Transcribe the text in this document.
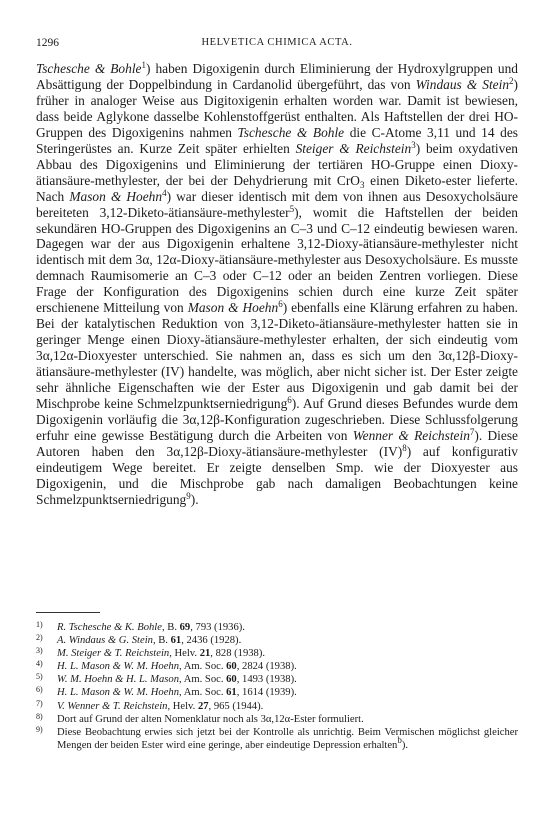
1296	HELVETICA CHIMICA ACTA.

Tschesche & Bohle$^1$) haben Digoxigenin durch Eliminierung der Hydroxylgruppen und Absättigung der Doppelbindung in Cardanolid übergeführt, das von Windaus & Stein$^2$) früher in analoger Weise aus Digitoxigenin erhalten worden war. Damit ist bewiesen, dass beide Aglykone dasselbe Kohlenstoffgerüst enthalten. Als Haftstellen der drei HO-Gruppen des Digoxigenins nahmen Tschesche & Bohle die C-Atome 3,11 und 14 des Steringerüstes an. Kurze Zeit später erhielten Steiger & Reichstein$^3$) beim oxydativen Abbau des Digoxigenins und Eliminierung der tertiären HO-Gruppe einen Dioxy-ätiansäure-methylester, der bei der Dehydrierung mit CrO$_3$ einen Diketo-ester lieferte. Nach Mason & Hoehn$^4$) war dieser identisch mit dem von ihnen aus Desoxycholsäure bereiteten 3,12-Diketo-ätiansäure-methylester$^5$), womit die Haftstellen der beiden sekundären HO-Gruppen des Digoxigenins an C–3 und C–12 eindeutig bewiesen waren. Dagegen war der aus Digoxigenin erhaltene 3,12-Dioxy-ätiansäure-methylester nicht identisch mit dem 3α, 12α-Dioxy-ätiansäure-methylester aus Desoxycholsäure. Es musste demnach Raumisomerie an C–3 oder C–12 oder an beiden Zentren vorliegen. Diese Frage der Konfiguration des Digoxigenins schien durch eine kurze Zeit später erschienene Mitteilung von Mason & Hoehn$^6$) ebenfalls eine Klärung erfahren zu haben. Bei der katalytischen Reduktion von 3,12-Diketo-ätiansäure-methylester hatten sie in geringer Menge einen Dioxy-ätiansäure-methylester erhalten, der sich eindeutig vom 3α,12α-Dioxyester unterschied. Sie nahmen an, dass es sich um den 3α,12β-Dioxy-ätiansäure-methylester (IV) handelte, was möglich, aber nicht sicher ist. Der Ester zeigte sehr ähnliche Eigenschaften wie der Ester aus Digoxigenin und gab damit bei der Mischprobe keine Schmelzpunktserniedrigung$^6$). Auf Grund dieses Befundes wurde dem Digoxigenin vorläufig die 3α,12β-Konfiguration zugeschrieben. Diese Schlussfolgerung erfuhr eine gewisse Bestätigung durch die Arbeiten von Wenner & Reichstein$^7$). Diese Autoren haben den 3α,12β-Dioxy-ätiansäure-methylester (IV)$^8$) auf konfigurativ eindeutigem Wege bereitet. Er zeigte denselben Smp. wie der Dioxyester aus Digoxigenin, und die Mischprobe gab nach damaligen Beobachtungen keine Schmelzpunktserniedrigung$^9$).

1) R. Tschesche & K. Bohle, B. 69, 793 (1936).
2) A. Windaus & G. Stein, B. 61, 2436 (1928).
3) M. Steiger & T. Reichstein, Helv. 21, 828 (1938).
4) H. L. Mason & W. M. Hoehn, Am. Soc. 60, 2824 (1938).
5) W. M. Hoehn & H. L. Mason, Am. Soc. 60, 1493 (1938).
6) H. L. Mason & W. M. Hoehn, Am. Soc. 61, 1614 (1939).
7) V. Wenner & T. Reichstein, Helv. 27, 965 (1944).
8) Dort auf Grund der alten Nomenklatur noch als 3α,12α-Ester formuliert.
9) Diese Beobachtung erwies sich jetzt bei der Kontrolle als unrichtig. Beim Vermischen möglichst gleicher Mengen der beiden Ester wird eine geringe, aber eindeutige Depression erhalten$^b$).
